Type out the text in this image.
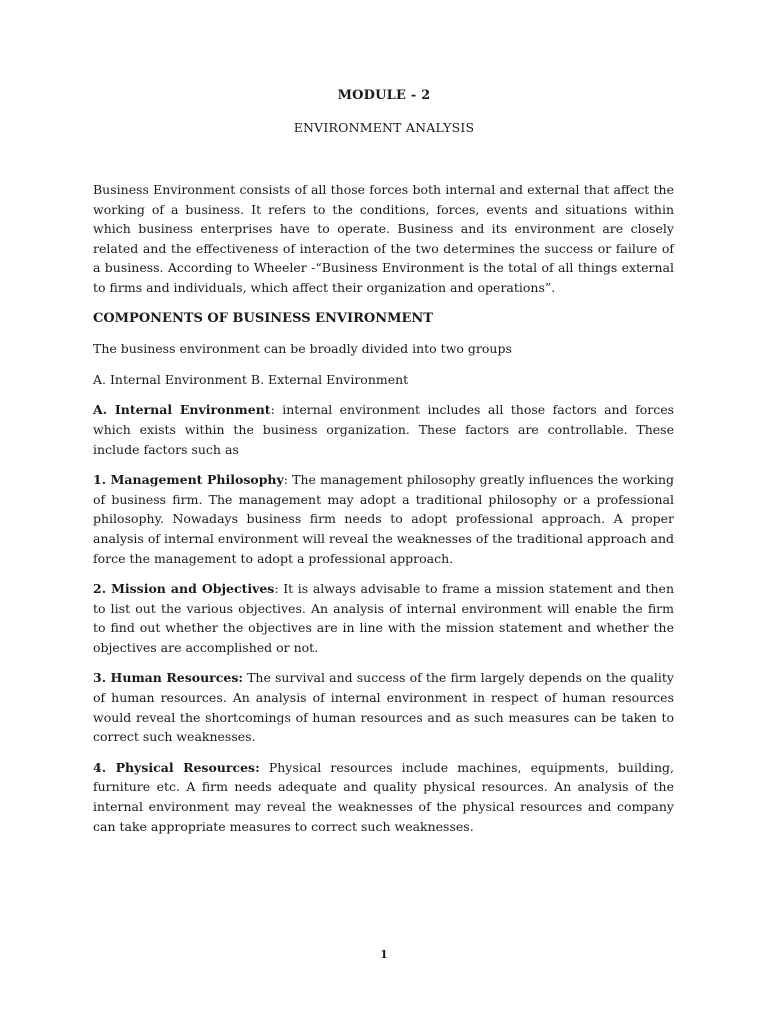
MODULE - 2
ENVIRONMENT ANALYSIS

Business Environment consists of all those forces both internal and external that affect the working of a business. It refers to the conditions, forces, events and situations within which business enterprises have to operate. Business and its environment are closely related and the effectiveness of interaction of the two determines the success or failure of a business. According to Wheeler -“Business Environment is the total of all things external to firms and individuals, which affect their organization and operations”.

COMPONENTS OF BUSINESS ENVIRONMENT

The business environment can be broadly divided into two groups

A. Internal Environment B. External Environment

A. Internal Environment: internal environment includes all those factors and forces which exists within the business organization. These factors are controllable. These include factors such as

1. Management Philosophy: The management philosophy greatly influences the working of business firm. The management may adopt a traditional philosophy or a professional philosophy. Nowadays business firm needs to adopt professional approach. A proper analysis of internal environment will reveal the weaknesses of the traditional approach and force the management to adopt a professional approach.

2. Mission and Objectives: It is always advisable to frame a mission statement and then to list out the various objectives. An analysis of internal environment will enable the firm to find out whether the objectives are in line with the mission statement and whether the objectives are accomplished or not.

3. Human Resources: The survival and success of the firm largely depends on the quality of human resources. An analysis of internal environment in respect of human resources would reveal the shortcomings of human resources and as such measures can be taken to correct such weaknesses.

4. Physical Resources: Physical resources include machines, equipments, building, furniture etc. A firm needs adequate and quality physical resources. An analysis of the internal environment may reveal the weaknesses of the physical resources and company can take appropriate measures to correct such weaknesses.

1
